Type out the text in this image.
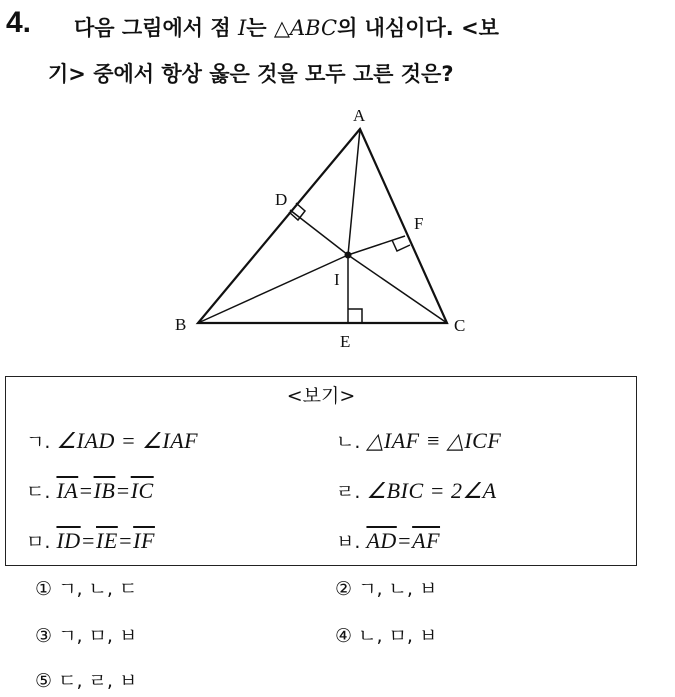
4. 다음 그림에서 점 I는 △ABC의 내심이다. <보
기> 중에서 항상 옳은 것을 모두 고른 것은?
A
B	C
D
E
F
I
<보기>
ㄱ. ∠IAD = ∠IAF	ㄴ. △IAF ≡ △ICF
ㄷ. $\overline{IA}=\overline{IB}=\overline{IC}$	ㄹ. ∠BIC = 2∠A
ㅁ. $\overline{ID}=\overline{IE}=\overline{IF}$	ㅂ. $\overline{AD}=\overline{AF}$
① ㄱ, ㄴ, ㄷ	② ㄱ, ㄴ, ㅂ
③ ㄱ, ㅁ, ㅂ	④ ㄴ, ㅁ, ㅂ
⑤ ㄷ, ㄹ, ㅂ
